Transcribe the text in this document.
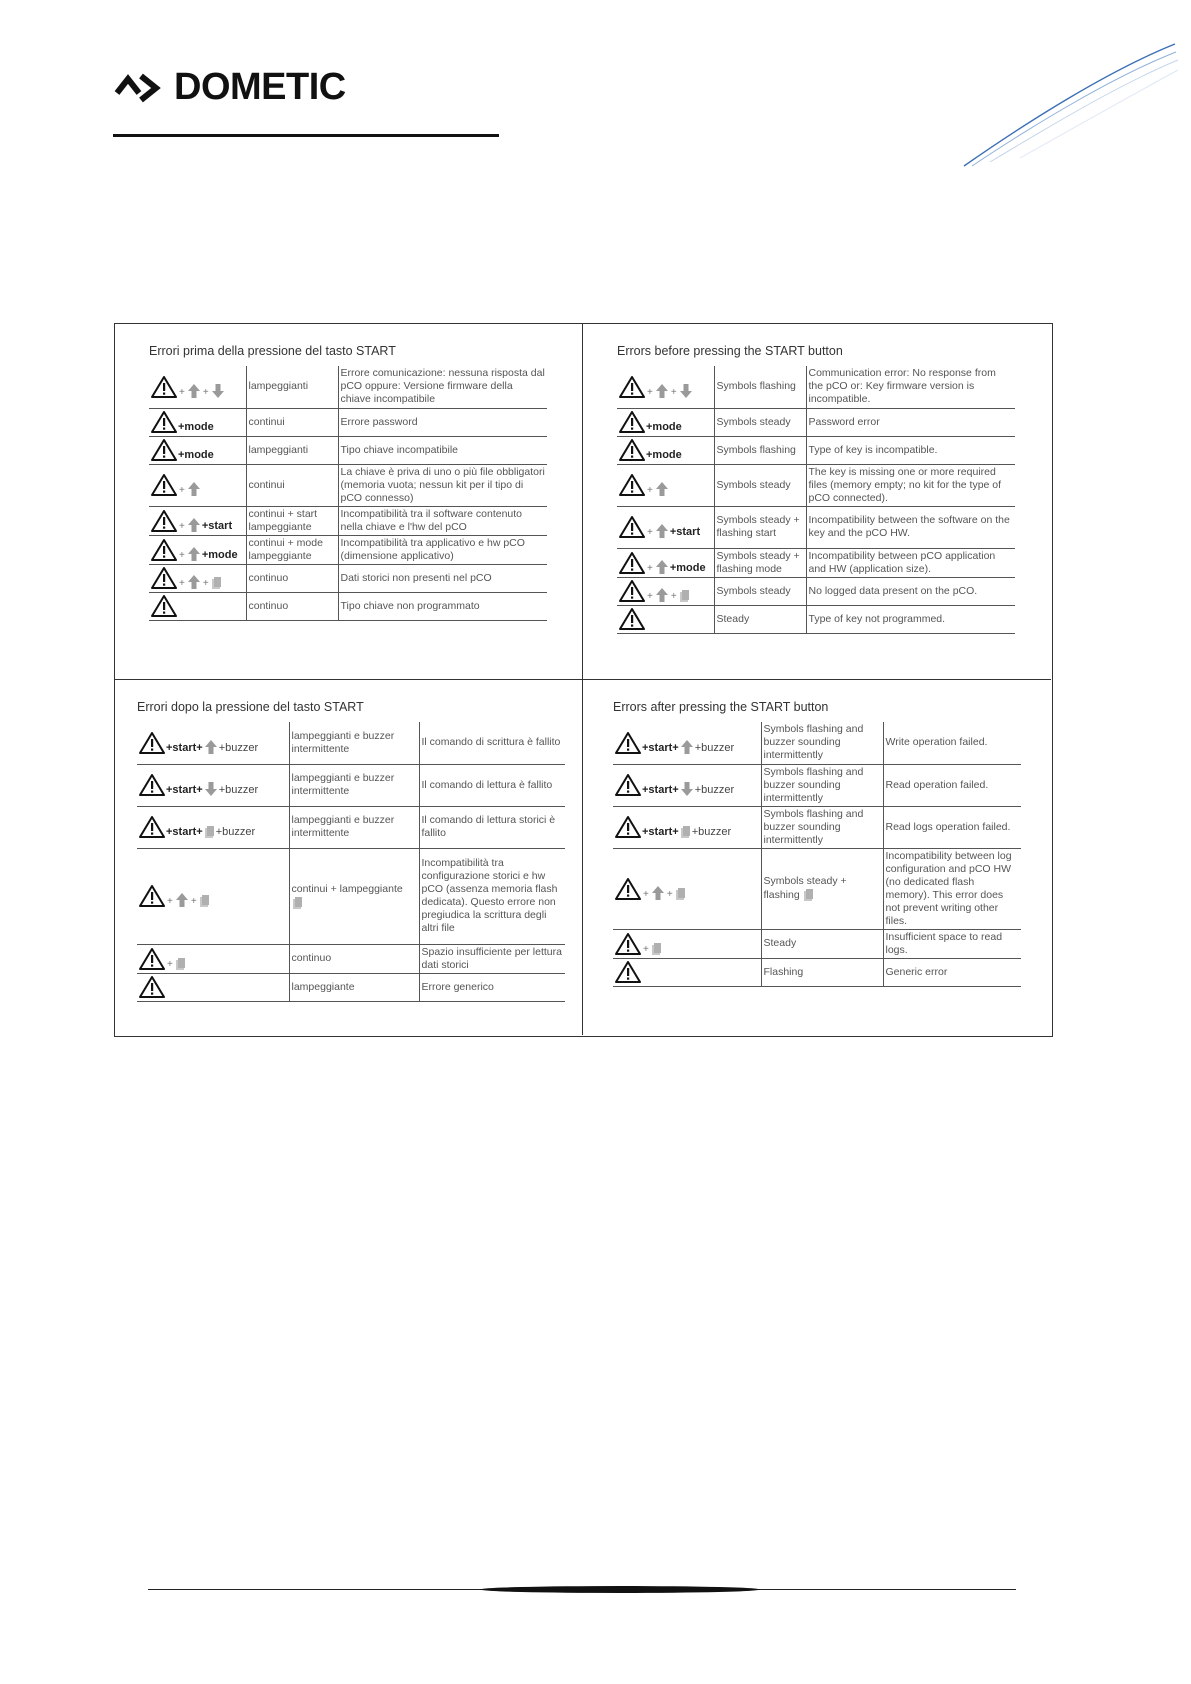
DOMETIC
Errori prima della pressione del tasto START
+ +	lampeggianti	Errore comunicazione: nessuna risposta dal pCO oppure: Versione firmware della chiave incompatibile

+mode	continui	Errore password

+mode	lampeggianti	Tipo chiave incompatibile

+	continui	La chiave è priva di uno o più file obbligatori (memoria vuota; nessun kit per il tipo di pCO connesso)

+ +start	continui + start lampeggiante	Incompatibilità tra il software contenuto nella chiave e l'hw del pCO

+ +mode	continui + mode lampeggiante	Incompatibilità tra applicativo e hw pCO (dimensione applicativo)

+ +	continuo	Dati storici non presenti nel pCO

	continuo	Tipo chiave non programmato
Errors before pressing the START button
+ +	Symbols flashing	Communication error: No response from the pCO or: Key firmware version is incompatible.

+mode	Symbols steady	Password error

+mode	Symbols flashing	Type of key is incompatible.

+	Symbols steady	The key is missing one or more required files (memory empty; no kit for the type of pCO connected).

+ +start	Symbols steady + flashing start	Incompatibility between the software on the key and the pCO HW.

+ +mode	Symbols steady + flashing mode	Incompatibility between pCO application and HW (application size).

+ +	Symbols steady	No logged data present on the pCO.

	Steady	Type of key not programmed.
Errori dopo la pressione del tasto START
+start+ +buzzer	lampeggianti e buzzer intermittente	Il comando di scrittura è fallito

+start+ +buzzer	lampeggianti e buzzer intermittente	Il comando di lettura è fallito

+start+ +buzzer	lampeggianti e buzzer intermittente	Il comando di lettura storici è fallito

+ +	continui + lampeggiante	Incompatibilità tra configurazione storici e hw pCO (assenza memoria flash dedicata). Questo errore non pregiudica la scrittura degli altri file

+	continuo	Spazio insufficiente per lettura dati storici

	lampeggiante	Errore generico
Errors after pressing the START button
+start+ +buzzer	Symbols flashing and buzzer sounding intermittently	Write operation failed.

+start+ +buzzer	Symbols flashing and buzzer sounding intermittently	Read operation failed.

+start+ +buzzer	Symbols flashing and buzzer sounding intermittently	Read logs operation failed.

+ +	Symbols steady + flashing	Incompatibility between log configuration and pCO HW (no dedicated flash memory). This error does not prevent writing other files.

+	Steady	Insufficient space to read logs.

	Flashing	Generic error
